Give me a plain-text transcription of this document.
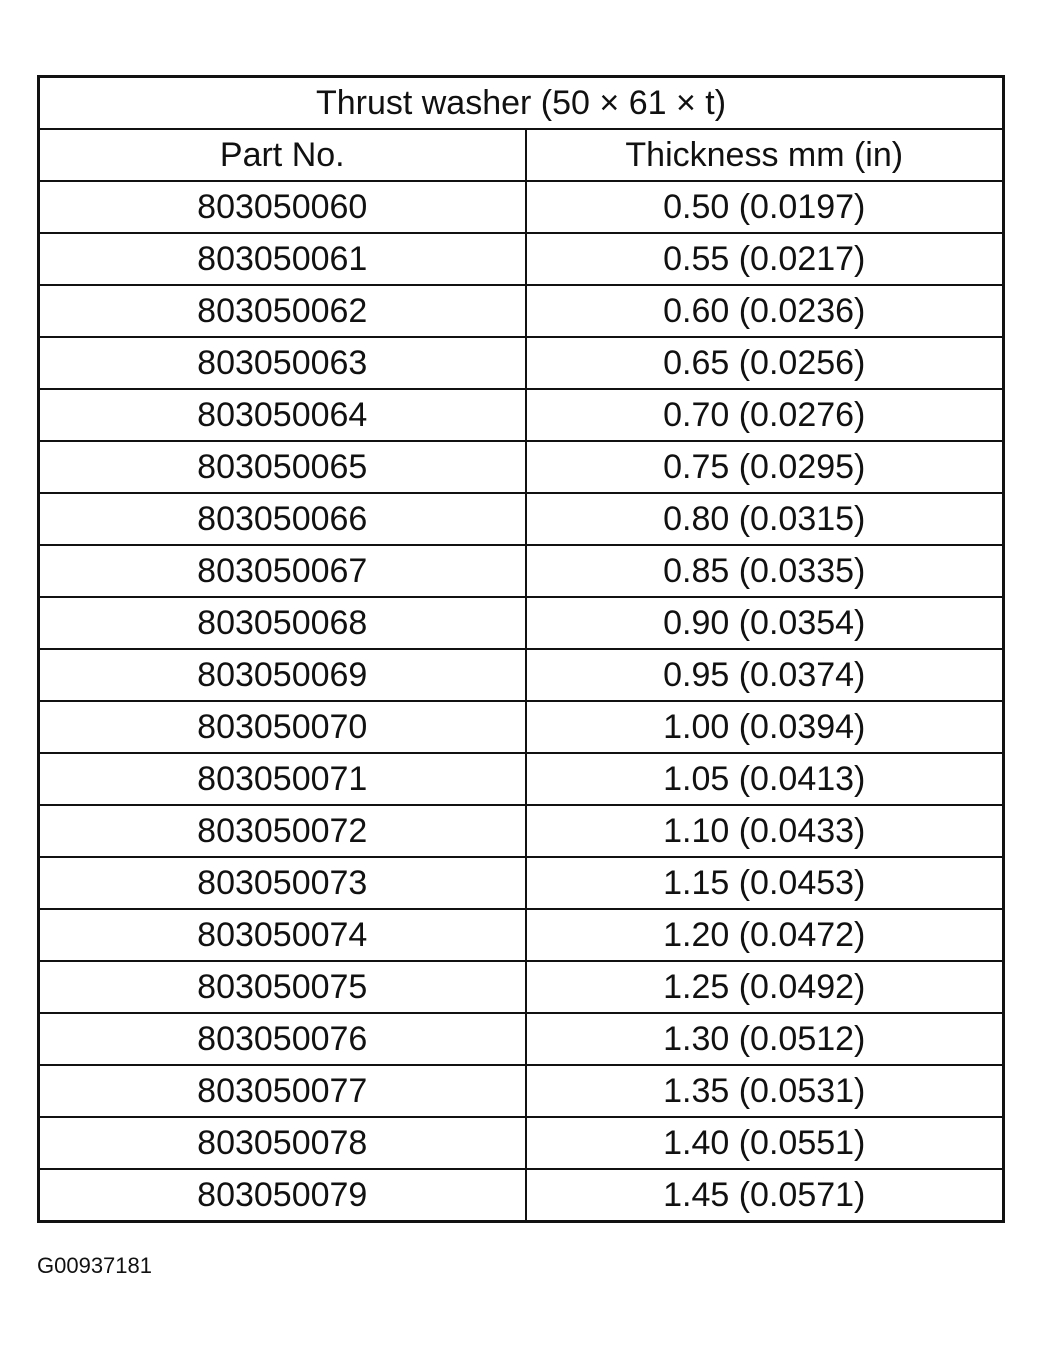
Thrust washer (50 × 61 × t)	
Part No.	Thickness mm (in)
803050060	0.50 (0.0197)
803050061	0.55 (0.0217)
803050062	0.60 (0.0236)
803050063	0.65 (0.0256)
803050064	0.70 (0.0276)
803050065	0.75 (0.0295)
803050066	0.80 (0.0315)
803050067	0.85 (0.0335)
803050068	0.90 (0.0354)
803050069	0.95 (0.0374)
803050070	1.00 (0.0394)
803050071	1.05 (0.0413)
803050072	1.10 (0.0433)
803050073	1.15 (0.0453)
803050074	1.20 (0.0472)
803050075	1.25 (0.0492)
803050076	1.30 (0.0512)
803050077	1.35 (0.0531)
803050078	1.40 (0.0551)
803050079	1.45 (0.0571)
G00937181
